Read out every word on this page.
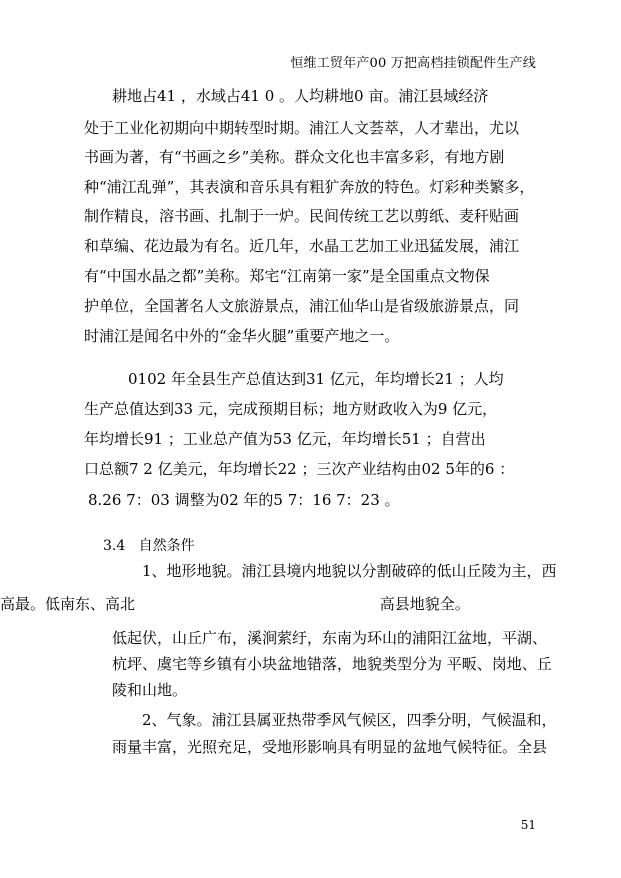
恒维工贸年产00 万把高档挂锁配件生产线
耕地占41 ，水域占41 0 。人均耕地0 亩。浦江县域经济
处于工业化初期向中期转型时期。浦江人文荟萃，人才辈出，尤以
书画为著，有“书画之乡”美称。群众文化也丰富多彩，有地方剧
种“浦江乱弹”，其表演和音乐具有粗犷奔放的特色。灯彩种类繁多，
制作精良，溶书画、扎制于一炉。民间传统工艺以剪纸、麦秆贴画
和草编、花边最为有名。近几年，水晶工艺加工业迅猛发展，浦江
有“中国水晶之都”美称。郑宅“江南第一家”是全国重点文物保
护单位，全国著名人文旅游景点，浦江仙华山是省级旅游景点，同
时浦江是闻名中外的“金华火腿”重要产地之一。
0102 年全县生产总值达到31 亿元，年均增长21 ；人均
生产总值达到33 元，完成预期目标；地方财政收入为9 亿元，
年均增长91 ；工业总产值为53 亿元，年均增长51 ；自营出
口总额7 2 亿美元，年均增长22 ；三次产业结构由02 5年的6 ：
8.26 7：03 调整为02 年的5 7：16 7：23 。
3.4 自然条件
1、地形地貌。浦江县境内地貌以分割破碎的低山丘陵为主，西
高最。低南东、高北 高县地貌全。
低起伏，山丘广布，溪涧萦纡，东南为环山的浦阳江盆地，平湖、
杭坪、虞宅等乡镇有小块盆地错落，地貌类型分为 平畈、岗地、丘
陵和山地。
2、气象。浦江县属亚热带季风气候区，四季分明，气候温和，
雨量丰富，光照充足，受地形影响具有明显的盆地气候特征。全县
51
